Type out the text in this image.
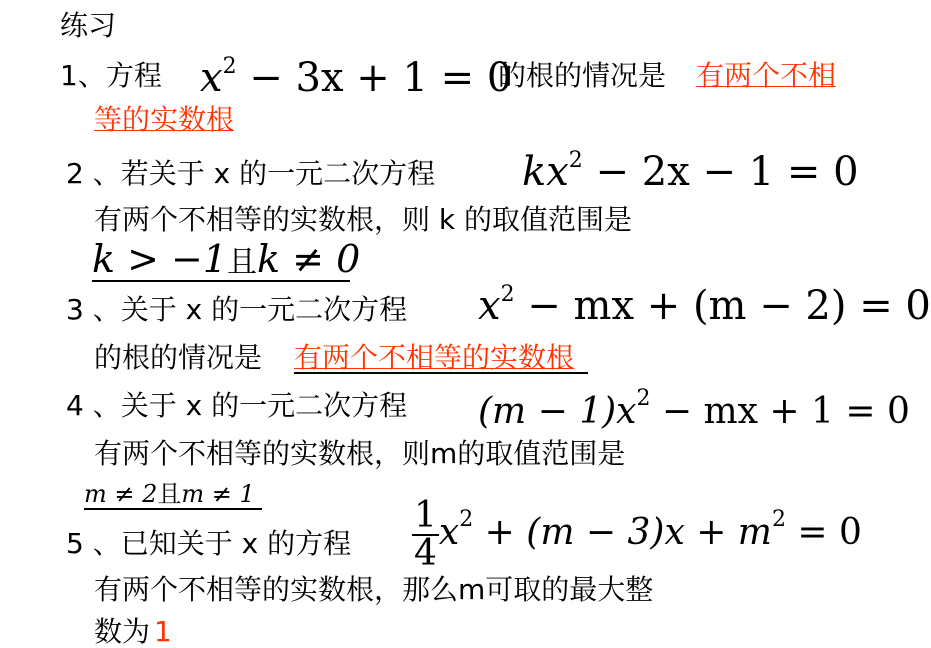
练习
1、方程 $x^2 - 3x + 1 = 0$
的根的情况是 有两个不相
等的实数根
2 、若关于 x 的一元二次方程 $kx^2 - 2x - 1 = 0$
有两个不相等的实数根，则 k 的取值范围是
k > −1且k ≠ 0
3 、关于 x 的一元二次方程 $x^2$ − mx + (m − 2) = 0
的根的情况是 有两个不相等的实数根
4 、关于 x 的一元二次方程 $(m - 1)x^2$ − mx + 1 = 0
有两个不相等的实数根，则m的取值范围是
m ≠ 2且m ≠ 1
5 、已知关于 x 的方程 $\frac{1}{4} x^2 + (m - 3)x + m^2 = 0$
有两个不相等的实数根，那么m可取的最大整
数为 1
